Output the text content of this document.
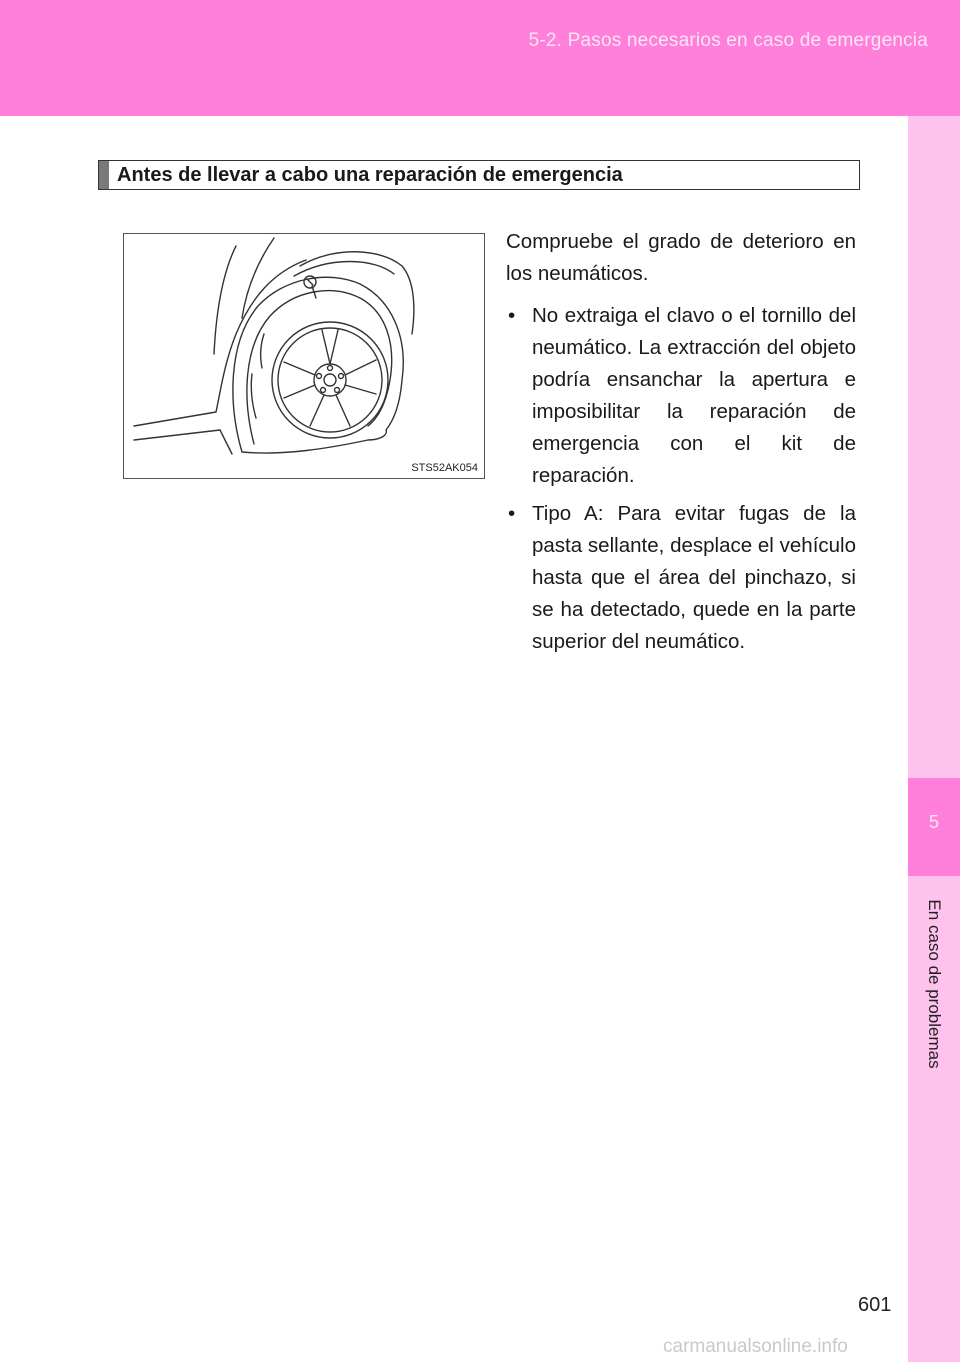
5-2. Pasos necesarios en caso de emergencia
5
En caso de problemas
Antes de llevar a cabo una reparación de emergencia
STS52AK054

Compruebe el grado de deterioro en los neumáticos.

• No extraiga el clavo o el tornillo del neumático. La extracción del objeto podría ensanchar la apertura e imposibilitar la reparación de emergencia con el kit de reparación.
• Tipo A: Para evitar fugas de la pasta sellante, desplace el vehículo hasta que el área del pinchazo, si se ha detectado, quede en la parte superior del neumático.
601
carmanualsonline.info
